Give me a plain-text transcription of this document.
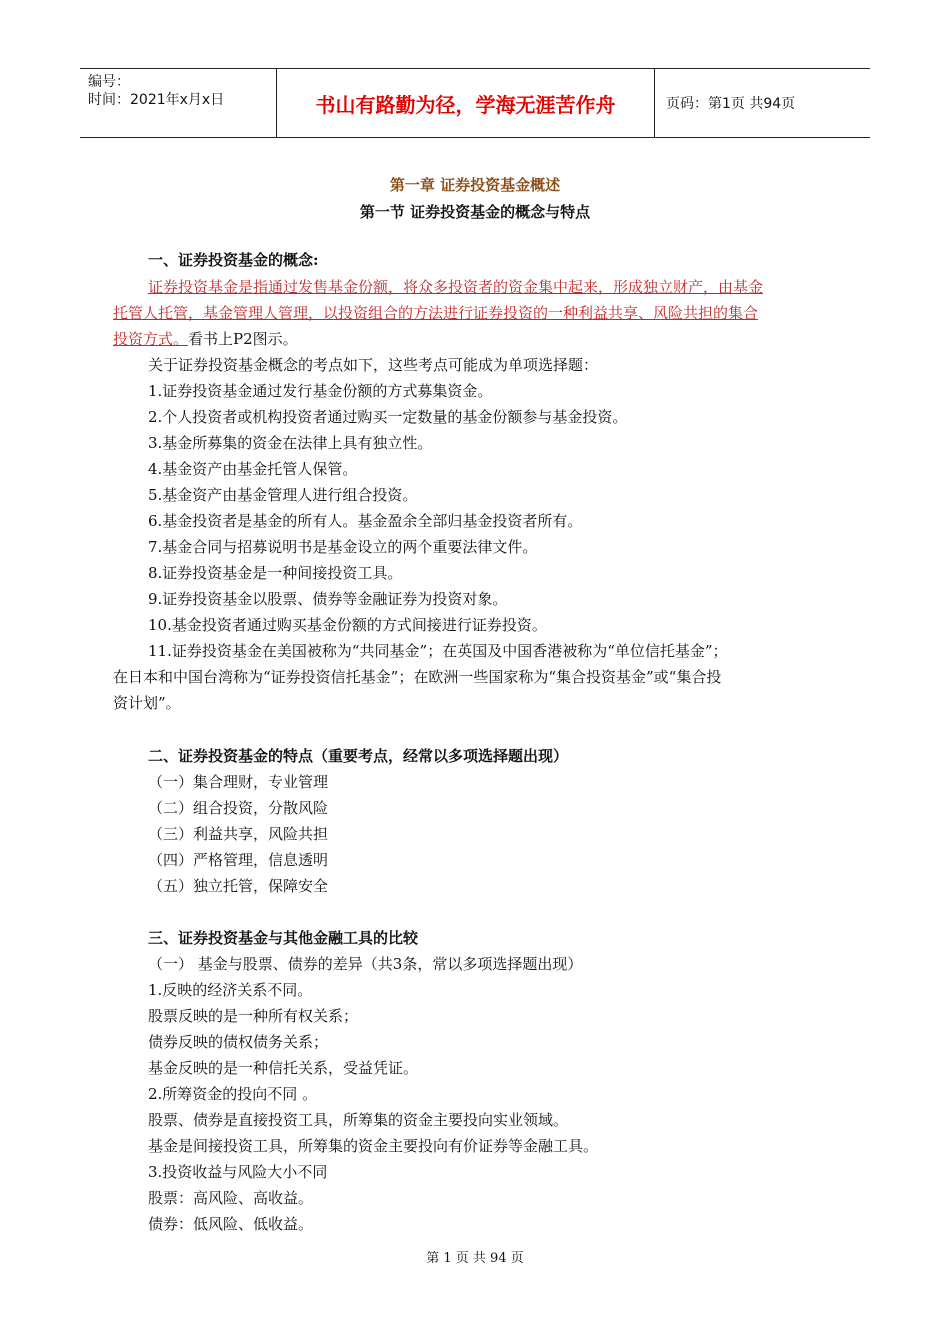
编号：
时间：2021年x月x日	书山有路勤为径，学海无涯苦作舟	页码：第1页 共94页
第一章 证券投资基金概述
第一节 证券投资基金的概念与特点
一、证券投资基金的概念:
证券投资基金是指通过发售基金份额，将众多投资者的资金集中起来，形成独立财产，由基金
托管人托管，基金管理人管理，以投资组合的方法进行证券投资的一种利益共享、风险共担的集合
投资方式。看书上P2图示。
关于证券投资基金概念的考点如下，这些考点可能成为单项选择题：
1.证券投资基金通过发行基金份额的方式募集资金。
2.个人投资者或机构投资者通过购买一定数量的基金份额参与基金投资。
3.基金所募集的资金在法律上具有独立性。
4.基金资产由基金托管人保管。
5.基金资产由基金管理人进行组合投资。
6.基金投资者是基金的所有人。基金盈余全部归基金投资者所有。
7.基金合同与招募说明书是基金设立的两个重要法律文件。
8.证券投资基金是一种间接投资工具。
9.证券投资基金以股票、债券等金融证券为投资对象。
10.基金投资者通过购买基金份额的方式间接进行证券投资。
11.证券投资基金在美国被称为“共同基金”；在英国及中国香港被称为“单位信托基金”；
在日本和中国台湾称为“证券投资信托基金”；在欧洲一些国家称为“集合投资基金”或“集合投
资计划”。
二、证券投资基金的特点（重要考点，经常以多项选择题出现）
（一）集合理财，专业管理
（二）组合投资，分散风险
（三）利益共享，风险共担
（四）严格管理，信息透明
（五）独立托管，保障安全
三、证券投资基金与其他金融工具的比较
（一） 基金与股票、债券的差异（共3条，常以多项选择题出现）
1.反映的经济关系不同。
股票反映的是一种所有权关系；
债券反映的债权债务关系；
基金反映的是一种信托关系，受益凭证。
2.所筹资金的投向不同 。
股票、债券是直接投资工具，所筹集的资金主要投向实业领域。
基金是间接投资工具，所筹集的资金主要投向有价证券等金融工具。
3.投资收益与风险大小不同
股票：高风险、高收益。
债券：低风险、低收益。
第 1 页 共 94 页
